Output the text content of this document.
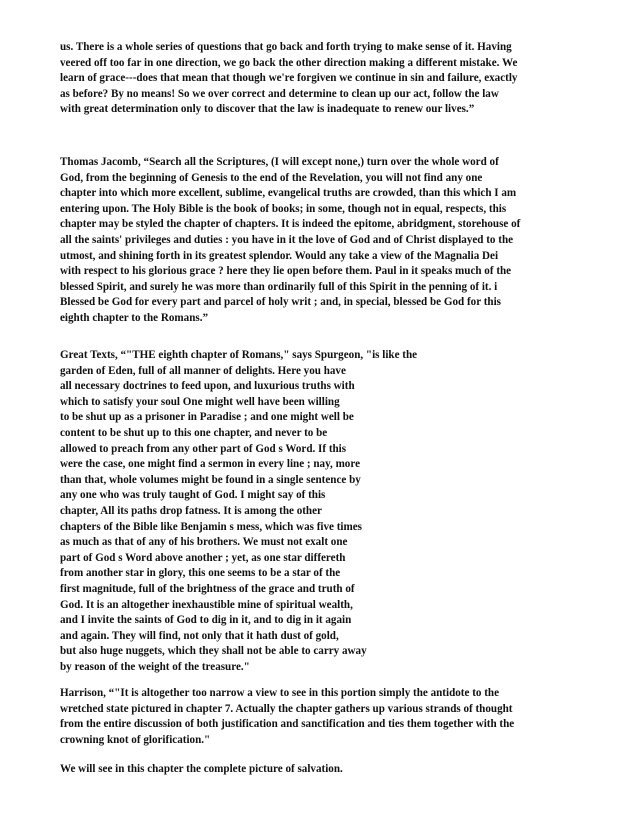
us. There is a whole series of questions that go back and forth trying to make sense of it. Having
veered off too far in one direction, we go back the other direction making a different mistake. We
learn of grace---does that mean that though we're forgiven we continue in sin and failure, exactly
as before? By no means! So we over correct and determine to clean up our act, follow the law
with great determination only to discover that the law is inadequate to renew our lives.”
Thomas Jacomb, “Search all the Scriptures, (I will except none,) turn over the whole word of
God, from the beginning of Genesis to the end of the Revelation, you will not find any one
chapter into which more excellent, sublime, evangelical truths are crowded, than this which I am
entering upon. The Holy Bible is the book of books; in some, though not in equal, respects, this
chapter may be styled the chapter of chapters. It is indeed the epitome, abridgment, storehouse of
all the saints' privileges and duties : you have in it the love of God and of Christ displayed to the
utmost, and shining forth in its greatest splendor. Would any take a view of the Magnalia Dei
with respect to his glorious grace ? here they lie open before them. Paul in it speaks much of the
blessed Spirit, and surely he was more than ordinarily full of this Spirit in the penning of it. i
Blessed be God for every part and parcel of holy writ ; and, in special, blessed be God for this
eighth chapter to the Romans.”
Great Texts, “"THE eighth chapter of Romans," says Spurgeon, "is like the
garden of Eden, full of all manner of delights. Here you have
all necessary doctrines to feed upon, and luxurious truths with
which to satisfy your soul One might well have been willing
to be shut up as a prisoner in Paradise ; and one might well be
content to be shut up to this one chapter, and never to be
allowed to preach from any other part of God s Word. If this
were the case, one might find a sermon in every line ; nay, more
than that, whole volumes might be found in a single sentence by
any one who was truly taught of God. I might say of this
chapter, All its paths drop fatness. It is among the other
chapters of the Bible like Benjamin s mess, which was five times
as much as that of any of his brothers. We must not exalt one
part of God s Word above another ; yet, as one star differeth
from another star in glory, this one seems to be a star of the
first magnitude, full of the brightness of the grace and truth of
God. It is an altogether inexhaustible mine of spiritual wealth,
and I invite the saints of God to dig in it, and to dig in it again
and again. They will find, not only that it hath dust of gold,
but also huge nuggets, which they shall not be able to carry away
by reason of the weight of the treasure."
Harrison, “"It is altogether too narrow a view to see in this portion simply the antidote to the
wretched state pictured in chapter 7. Actually the chapter gathers up various strands of thought
from the entire discussion of both justification and sanctification and ties them together with the
crowning knot of glorification."
We will see in this chapter the complete picture of salvation.
